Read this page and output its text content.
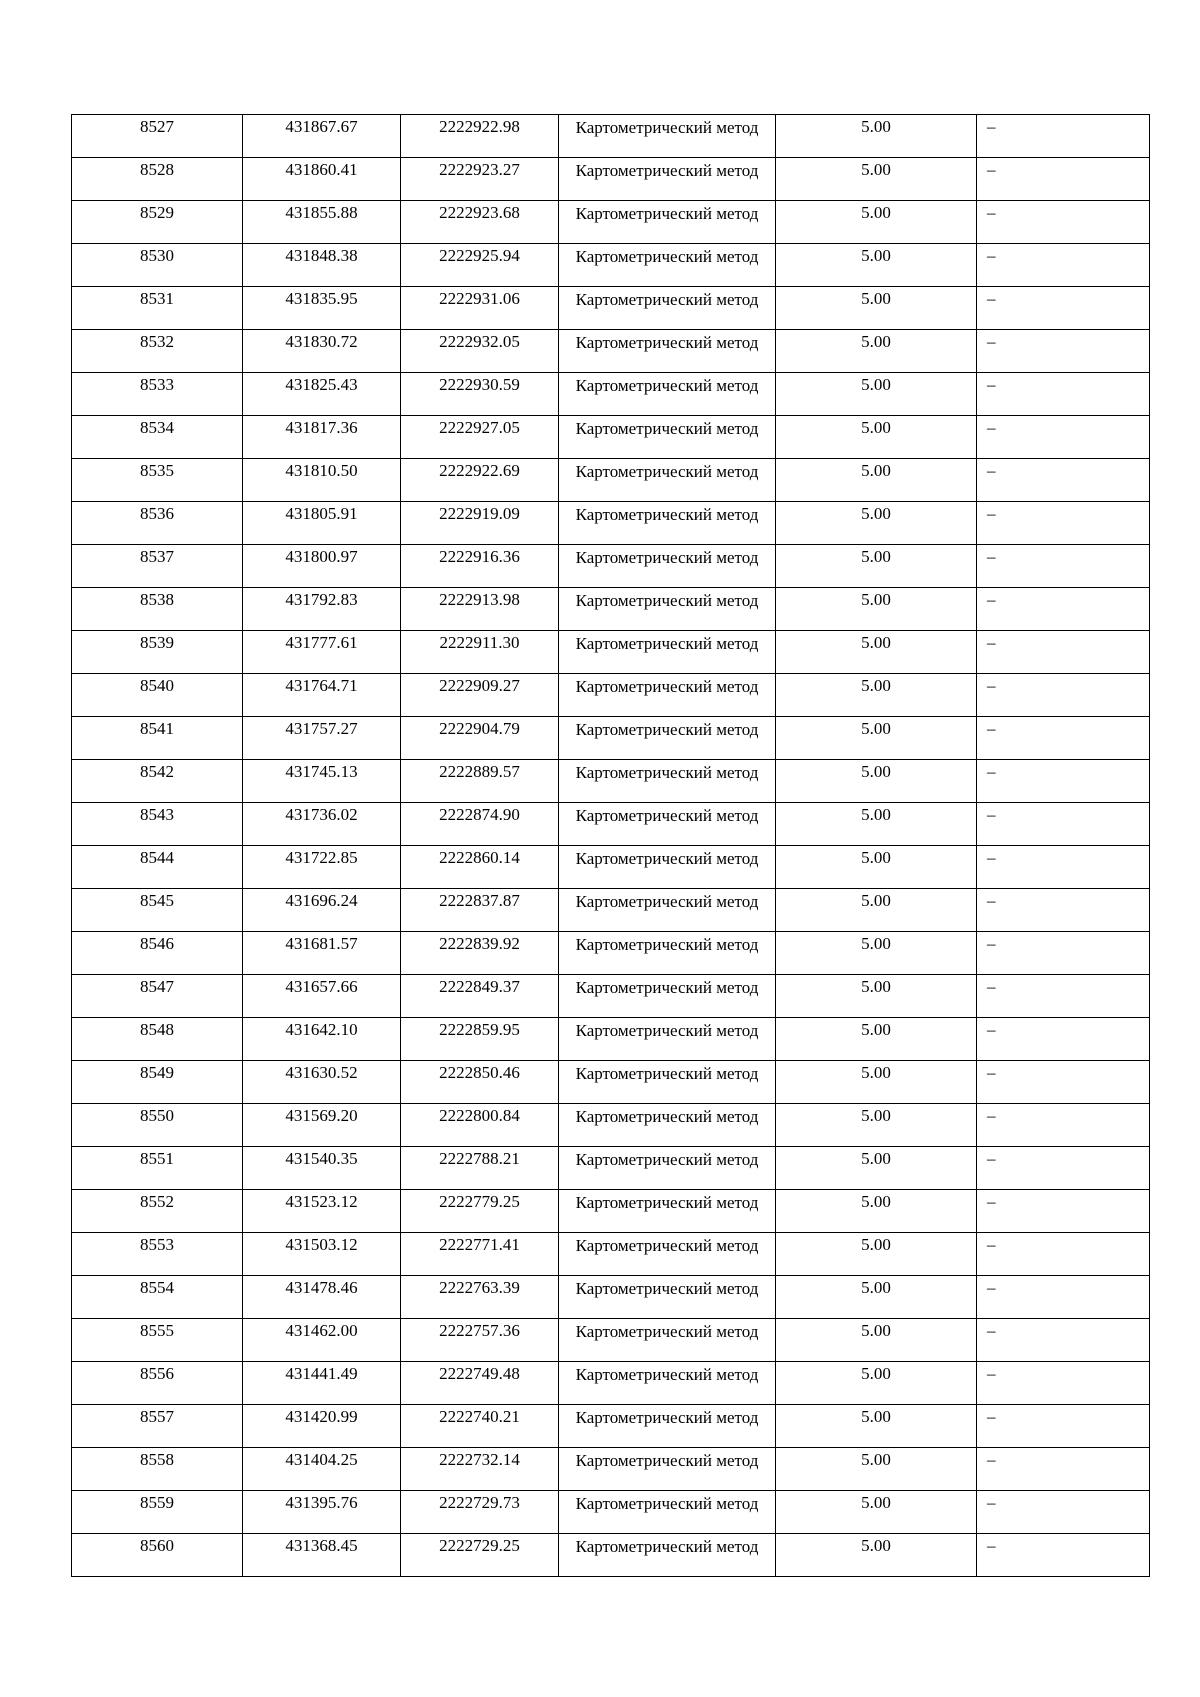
8527	431867.67	2222922.98	Картометрический метод	5.00	–

8528	431860.41	2222923.27	Картометрический метод	5.00	–

8529	431855.88	2222923.68	Картометрический метод	5.00	–

8530	431848.38	2222925.94	Картометрический метод	5.00	–

8531	431835.95	2222931.06	Картометрический метод	5.00	–

8532	431830.72	2222932.05	Картометрический метод	5.00	–

8533	431825.43	2222930.59	Картометрический метод	5.00	–

8534	431817.36	2222927.05	Картометрический метод	5.00	–

8535	431810.50	2222922.69	Картометрический метод	5.00	–

8536	431805.91	2222919.09	Картометрический метод	5.00	–

8537	431800.97	2222916.36	Картометрический метод	5.00	–

8538	431792.83	2222913.98	Картометрический метод	5.00	–

8539	431777.61	2222911.30	Картометрический метод	5.00	–

8540	431764.71	2222909.27	Картометрический метод	5.00	–

8541	431757.27	2222904.79	Картометрический метод	5.00	–

8542	431745.13	2222889.57	Картометрический метод	5.00	–

8543	431736.02	2222874.90	Картометрический метод	5.00	–

8544	431722.85	2222860.14	Картометрический метод	5.00	–

8545	431696.24	2222837.87	Картометрический метод	5.00	–

8546	431681.57	2222839.92	Картометрический метод	5.00	–

8547	431657.66	2222849.37	Картометрический метод	5.00	–

8548	431642.10	2222859.95	Картометрический метод	5.00	–

8549	431630.52	2222850.46	Картометрический метод	5.00	–

8550	431569.20	2222800.84	Картометрический метод	5.00	–

8551	431540.35	2222788.21	Картометрический метод	5.00	–

8552	431523.12	2222779.25	Картометрический метод	5.00	–

8553	431503.12	2222771.41	Картометрический метод	5.00	–

8554	431478.46	2222763.39	Картометрический метод	5.00	–

8555	431462.00	2222757.36	Картометрический метод	5.00	–

8556	431441.49	2222749.48	Картометрический метод	5.00	–

8557	431420.99	2222740.21	Картометрический метод	5.00	–

8558	431404.25	2222732.14	Картометрический метод	5.00	–

8559	431395.76	2222729.73	Картометрический метод	5.00	–

8560	431368.45	2222729.25	Картометрический метод	5.00	–
